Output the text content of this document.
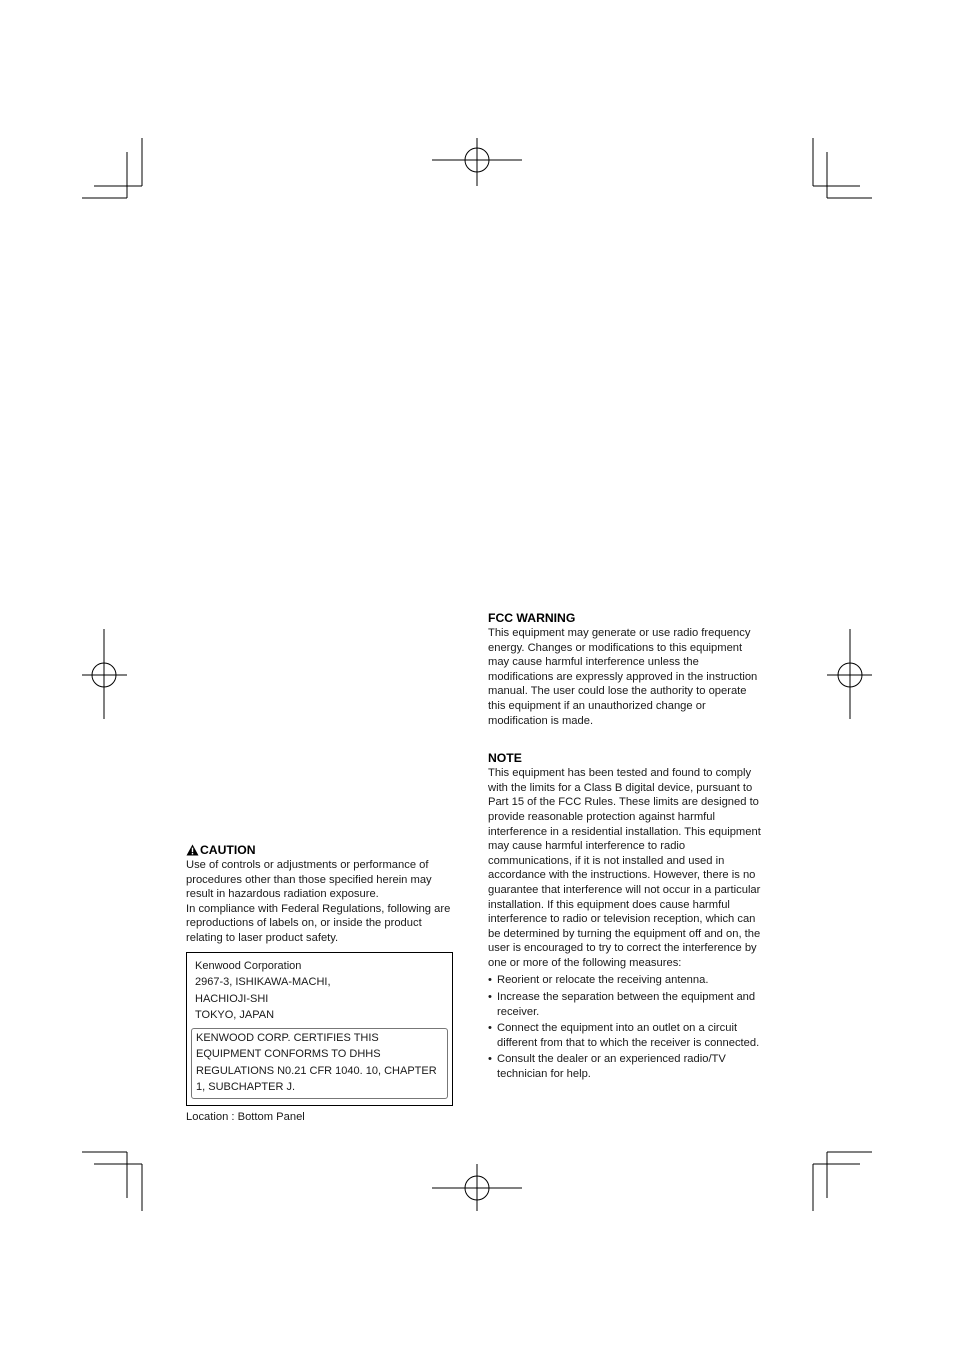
CAUTION

Use of controls or adjustments or performance of procedures other than those specified herein may result in hazardous radiation exposure.

In compliance with Federal Regulations, following are reproductions of labels on, or inside the product relating to laser product safety.

Kenwood Corporation
2967-3, ISHIKAWA-MACHI,
HACHIOJI-SHI
TOKYO, JAPAN
KENWOOD CORP. CERTIFIES THIS EQUIPMENT CONFORMS TO DHHS REGULATIONS N0.21 CFR 1040. 10, CHAPTER 1, SUBCHAPTER J.

Location : Bottom Panel

FCC WARNING

This equipment may generate or use radio frequency energy. Changes or modifications to this equipment may cause harmful interference unless the modifications are expressly approved in the instruction manual. The user could lose the authority to operate this equipment if an unauthorized change or modification is made.

NOTE

This equipment has been tested and found to comply with the limits for a Class B digital device, pursuant to Part 15 of the FCC Rules. These limits are designed to provide reasonable protection against harmful interference in a residential installation. This equipment may cause harmful interference to radio communications, if it is not installed and used in accordance with the instructions. However, there is no guarantee that interference will not occur in a particular installation. If this equipment does cause harmful interference to radio or television reception, which can be determined by turning the equipment off and on, the user is encouraged to try to correct the interference by one or more of the following measures:

• Reorient or relocate the receiving antenna.
• Increase the separation between the equipment and receiver.
• Connect the equipment into an outlet on a circuit different from that to which the receiver is connected.
• Consult the dealer or an experienced radio/TV technician for help.
